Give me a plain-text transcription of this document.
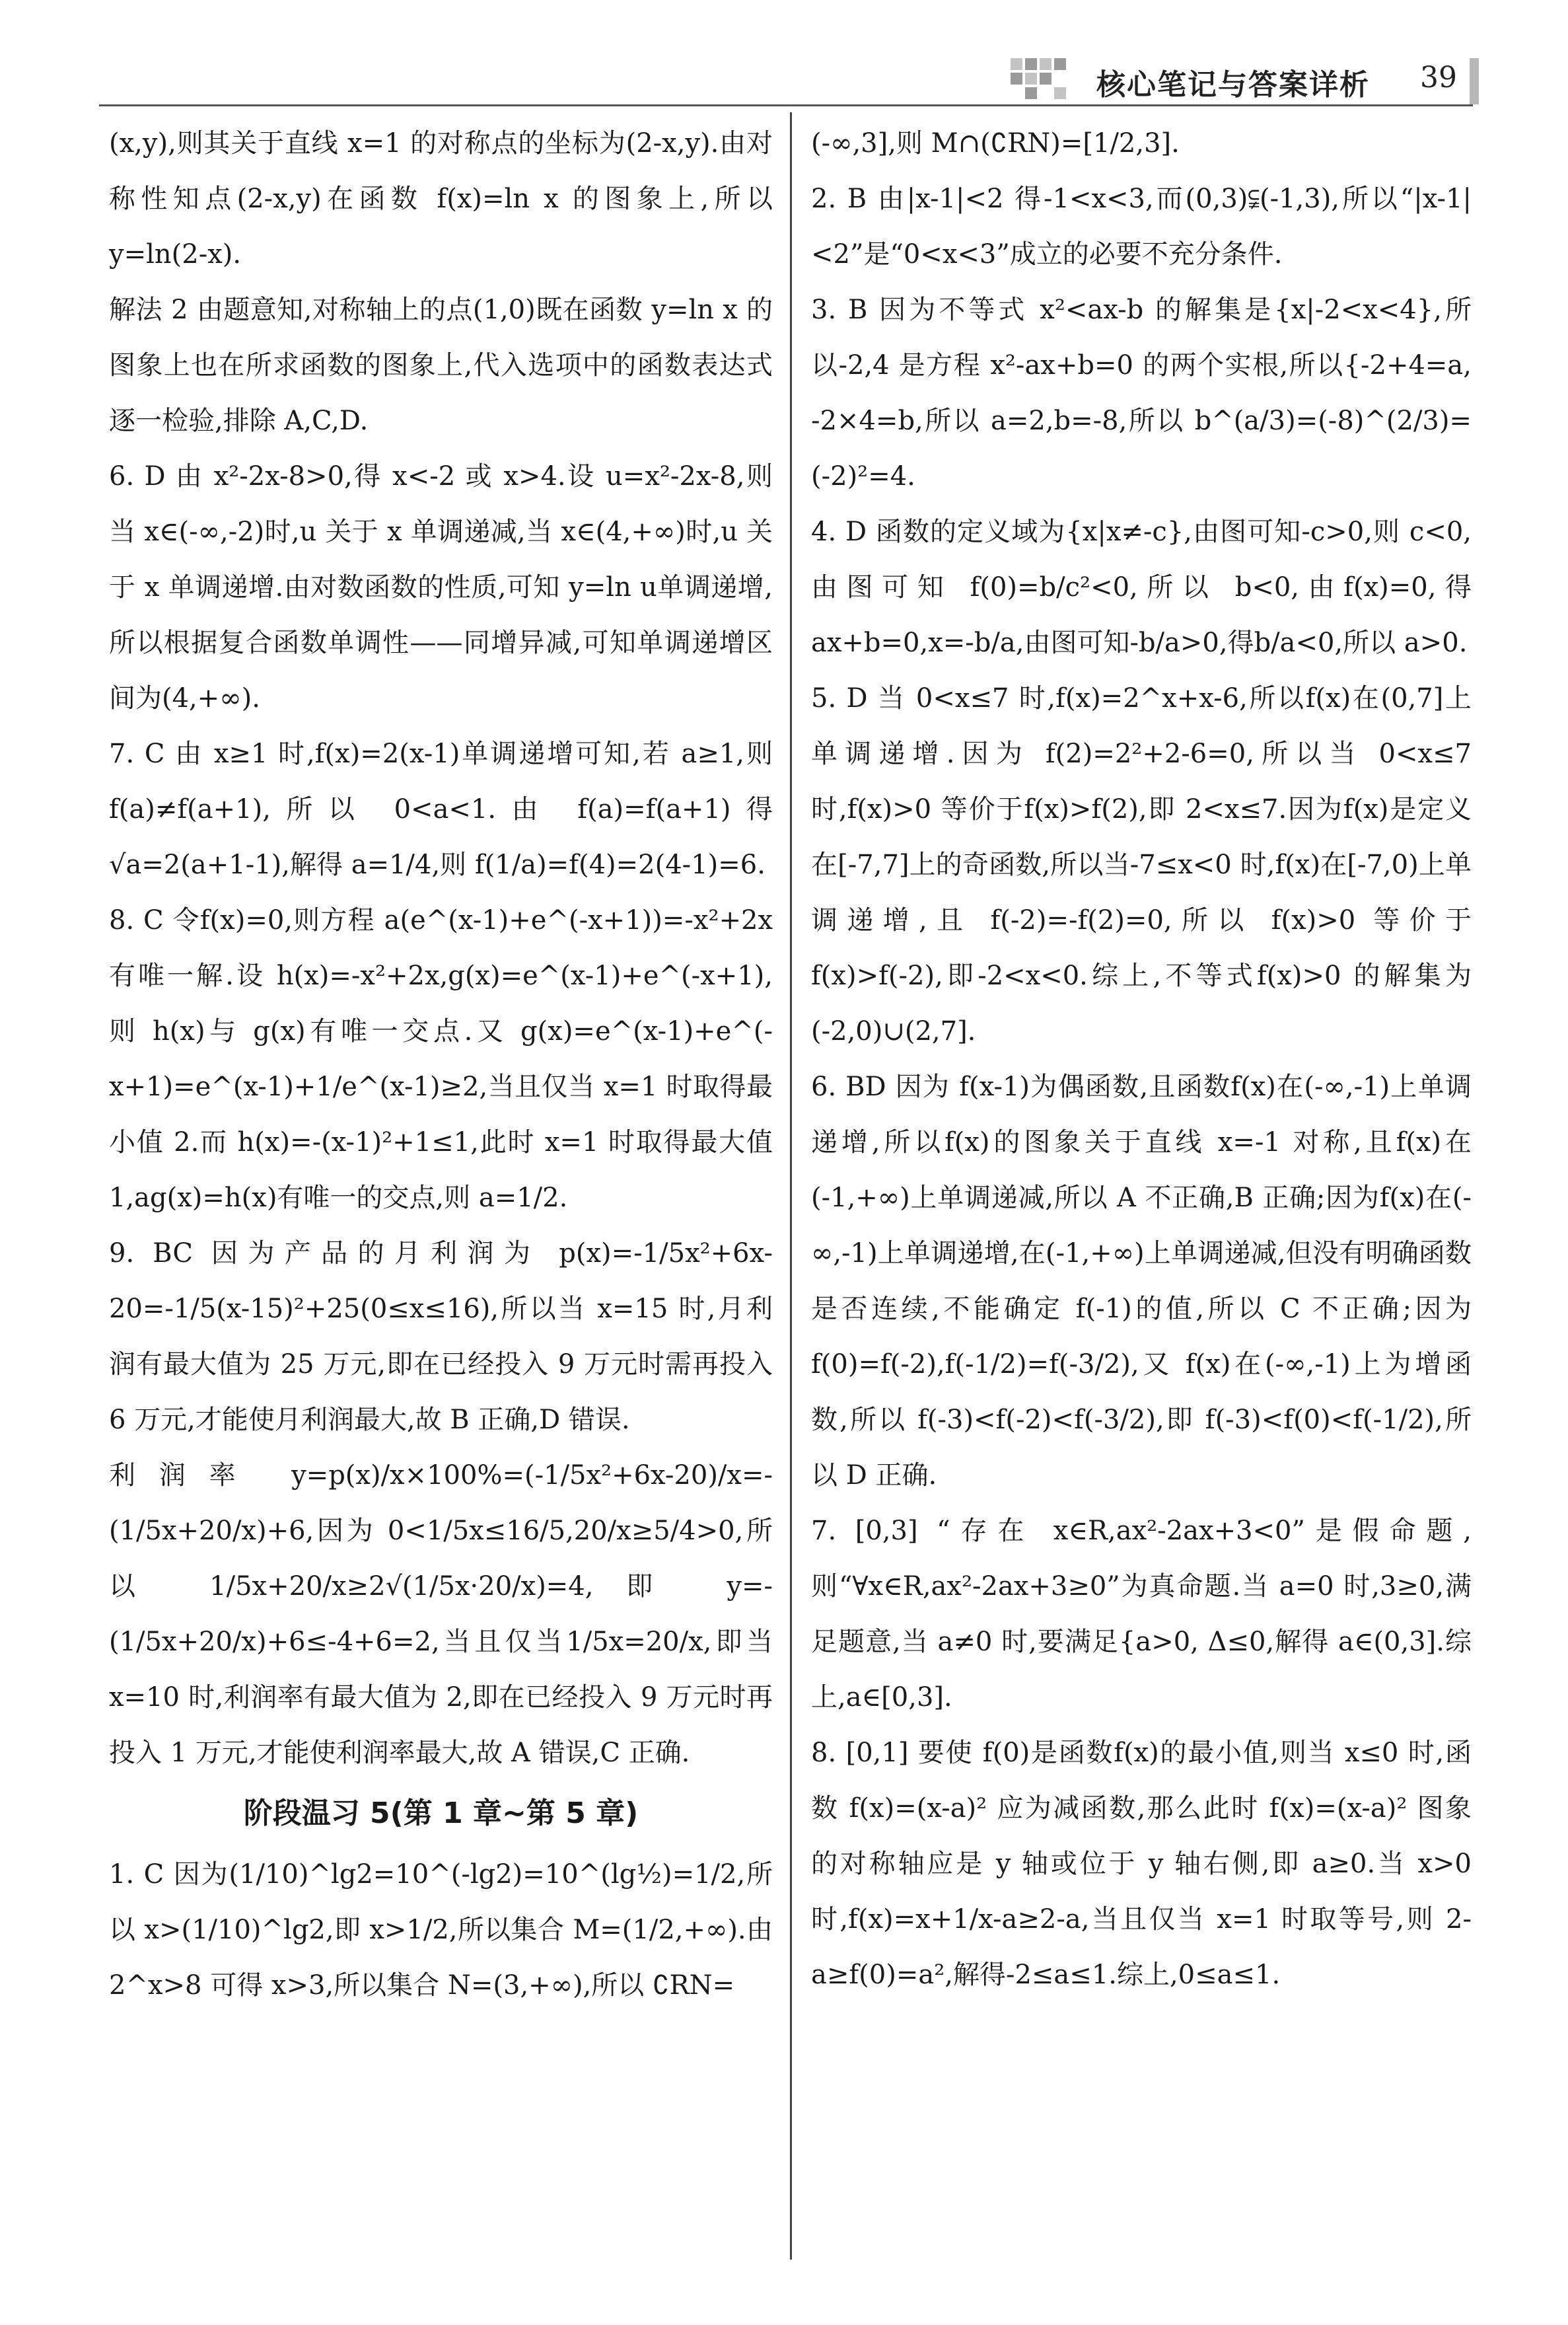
核心笔记与答案详析 39

(x,y),则其关于直线 x=1 的对称点的坐标为(2-x,y).由对称性知点(2-x,y)在函数 f(x)=ln x 的图象上,所以 y=ln(2-x).

解法 2 由题意知,对称轴上的点(1,0)既在函数 y=ln x 的图象上也在所求函数的图象上,代入选项中的函数表达式逐一检验,排除 A,C,D.

6. D 由 x²-2x-8>0,得 x<-2 或 x>4.设 u=x²-2x-8,则当 x∈(-∞,-2)时,u 关于 x 单调递减,当 x∈(4,+∞)时,u 关于 x 单调递增.由对数函数的性质,可知 y=ln u单调递增,所以根据复合函数单调性——同增异减,可知单调递增区间为(4,+∞).

7. C 由 x≥1 时,f(x)=2(x-1)单调递增可知,若 a≥1,则f(a)≠f(a+1),所以 0<a<1.由 f(a)=f(a+1)得√a=2(a+1-1),解得 a=1/4,则 f(1/a)=f(4)=2(4-1)=6.

8. C 令f(x)=0,则方程 a(e^(x-1)+e^(-x+1))=-x²+2x 有唯一解.设 h(x)=-x²+2x,g(x)=e^(x-1)+e^(-x+1),则 h(x)与 g(x)有唯一交点.又 g(x)=e^(x-1)+e^(-x+1)=e^(x-1)+1/e^(x-1)≥2,当且仅当 x=1 时取得最小值 2.而 h(x)=-(x-1)²+1≤1,此时 x=1 时取得最大值 1,ag(x)=h(x)有唯一的交点,则 a=1/2.

9. BC 因为产品的月利润为 p(x)=-1/5x²+6x-20=-1/5(x-15)²+25(0≤x≤16),所以当 x=15 时,月利润有最大值为 25 万元,即在已经投入 9 万元时需再投入 6 万元,才能使月利润最大,故 B 正确,D 错误.

利润率 y=p(x)/x×100%=(-1/5x²+6x-20)/x=-(1/5x+20/x)+6,因为 0<1/5x≤16/5,20/x≥5/4>0,所以 1/5x+20/x≥2√(1/5x·20/x)=4,即 y=-(1/5x+20/x)+6≤-4+6=2,当且仅当1/5x=20/x,即当 x=10 时,利润率有最大值为 2,即在已经投入 9 万元时再投入 1 万元,才能使利润率最大,故 A 错误,C 正确.

阶段温习 5(第 1 章~第 5 章)

1. C 因为(1/10)^lg2=10^(-lg2)=10^(lg½)=1/2,所以 x>(1/10)^lg2,即 x>1/2,所以集合 M=(1/2,+∞).由 2^x>8 可得 x>3,所以集合 N=(3,+∞),所以 ∁RN=

(-∞,3],则 M∩(∁RN)=[1/2,3].

2. B 由|x-1|<2 得-1<x<3,而(0,3)⫋(-1,3),所以“|x-1|<2”是“0<x<3”成立的必要不充分条件.

3. B 因为不等式 x²<ax-b 的解集是{x|-2<x<4},所以-2,4 是方程 x²-ax+b=0 的两个实根,所以{-2+4=a, -2×4=b,所以 a=2,b=-8,所以 b^(a/3)=(-8)^(2/3)=(-2)²=4.

4. D 函数的定义域为{x|x≠-c},由图可知-c>0,则 c<0,由图可知 f(0)=b/c²<0,所以 b<0,由f(x)=0,得 ax+b=0,x=-b/a,由图可知-b/a>0,得b/a<0,所以 a>0.

5. D 当 0<x≤7 时,f(x)=2^x+x-6,所以f(x)在(0,7]上单调递增.因为 f(2)=2²+2-6=0,所以当 0<x≤7 时,f(x)>0 等价于f(x)>f(2),即 2<x≤7.因为f(x)是定义在[-7,7]上的奇函数,所以当-7≤x<0 时,f(x)在[-7,0)上单调递增,且 f(-2)=-f(2)=0,所以 f(x)>0 等价于 f(x)>f(-2),即-2<x<0.综上,不等式f(x)>0 的解集为(-2,0)∪(2,7].

6. BD 因为 f(x-1)为偶函数,且函数f(x)在(-∞,-1)上单调递增,所以f(x)的图象关于直线 x=-1 对称,且f(x)在(-1,+∞)上单调递减,所以 A 不正确,B 正确;因为f(x)在(-∞,-1)上单调递增,在(-1,+∞)上单调递减,但没有明确函数是否连续,不能确定 f(-1)的值,所以 C 不正确;因为 f(0)=f(-2),f(-1/2)=f(-3/2),又 f(x)在(-∞,-1)上为增函数,所以 f(-3)<f(-2)<f(-3/2),即 f(-3)<f(0)<f(-1/2),所以 D 正确.

7. [0,3] “存在 x∈R,ax²-2ax+3<0”是假命题,则“∀x∈R,ax²-2ax+3≥0”为真命题.当 a=0 时,3≥0,满足题意,当 a≠0 时,要满足{a>0, Δ≤0,解得 a∈(0,3].综上,a∈[0,3].

8. [0,1] 要使 f(0)是函数f(x)的最小值,则当 x≤0 时,函数 f(x)=(x-a)² 应为减函数,那么此时 f(x)=(x-a)² 图象的对称轴应是 y 轴或位于 y 轴右侧,即 a≥0.当 x>0 时,f(x)=x+1/x-a≥2-a,当且仅当 x=1 时取等号,则 2-a≥f(0)=a²,解得-2≤a≤1.综上,0≤a≤1.
